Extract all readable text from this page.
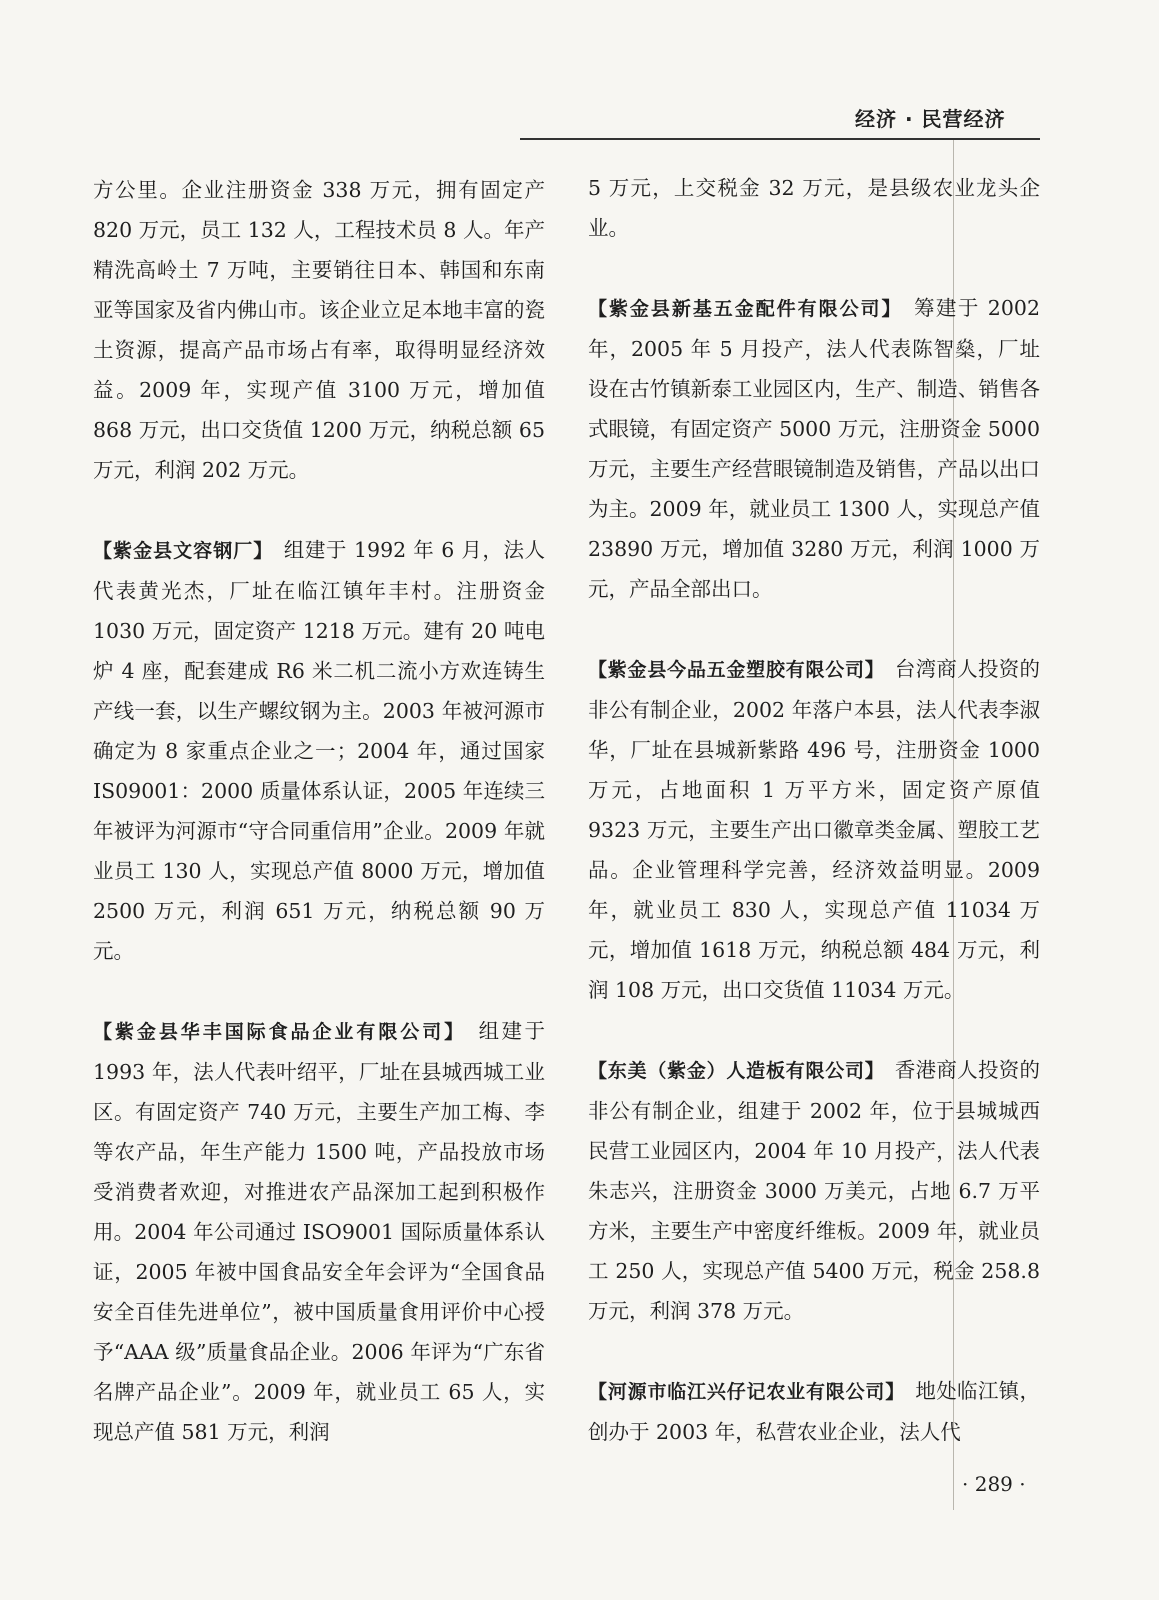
经济 · 民营经济

方公里。企业注册资金 338 万元，拥有固定产 820 万元，员工 132 人，工程技术员 8 人。年产精洗高岭土 7 万吨，主要销往日本、韩国和东南亚等国家及省内佛山市。该企业立足本地丰富的瓷土资源，提高产品市场占有率，取得明显经济效益。2009 年，实现产值 3100 万元，增加值 868 万元，出口交货值 1200 万元，纳税总额 65 万元，利润 202 万元。

【紫金县文容钢厂】 组建于 1992 年 6 月，法人代表黄光杰，厂址在临江镇年丰村。注册资金 1030 万元，固定资产 1218 万元。建有 20 吨电炉 4 座，配套建成 R6 米二机二流小方欢连铸生产线一套，以生产螺纹钢为主。2003 年被河源市确定为 8 家重点企业之一；2004 年，通过国家 IS09001：2000 质量体系认证，2005 年连续三年被评为河源市“守合同重信用”企业。2009 年就业员工 130 人，实现总产值 8000 万元，增加值 2500 万元，利润 651 万元，纳税总额 90 万元。

【紫金县华丰国际食品企业有限公司】 组建于 1993 年，法人代表叶绍平，厂址在县城西城工业区。有固定资产 740 万元，主要生产加工梅、李等农产品，年生产能力 1500 吨，产品投放市场受消费者欢迎，对推进农产品深加工起到积极作用。2004 年公司通过 ISO9001 国际质量体系认证，2005 年被中国食品安全年会评为“全国食品安全百佳先进单位”，被中国质量食用评价中心授予“AAA 级”质量食品企业。2006 年评为“广东省名牌产品企业”。2009 年，就业员工 65 人，实现总产值 581 万元，利润

5 万元，上交税金 32 万元，是县级农业龙头企业。

【紫金县新基五金配件有限公司】 筹建于 2002 年，2005 年 5 月投产，法人代表陈智燊，厂址设在古竹镇新泰工业园区内，生产、制造、销售各式眼镜，有固定资产 5000 万元，注册资金 5000 万元，主要生产经营眼镜制造及销售，产品以出口为主。2009 年，就业员工 1300 人，实现总产值 23890 万元，增加值 3280 万元，利润 1000 万元，产品全部出口。

【紫金县今品五金塑胶有限公司】 台湾商人投资的非公有制企业，2002 年落户本县，法人代表李淑华，厂址在县城新紫路 496 号，注册资金 1000 万元，占地面积 1 万平方米，固定资产原值 9323 万元，主要生产出口徽章类金属、塑胶工艺品。企业管理科学完善，经济效益明显。2009 年，就业员工 830 人，实现总产值 11034 万元，增加值 1618 万元，纳税总额 484 万元，利润 108 万元，出口交货值 11034 万元。

【东美（紫金）人造板有限公司】 香港商人投资的非公有制企业，组建于 2002 年，位于县城城西民营工业园区内，2004 年 10 月投产，法人代表朱志兴，注册资金 3000 万美元，占地 6.7 万平方米，主要生产中密度纤维板。2009 年，就业员工 250 人，实现总产值 5400 万元，税金 258.8 万元，利润 378 万元。

【河源市临江兴仔记农业有限公司】 地处临江镇，创办于 2003 年，私营农业企业，法人代

· 289 ·
